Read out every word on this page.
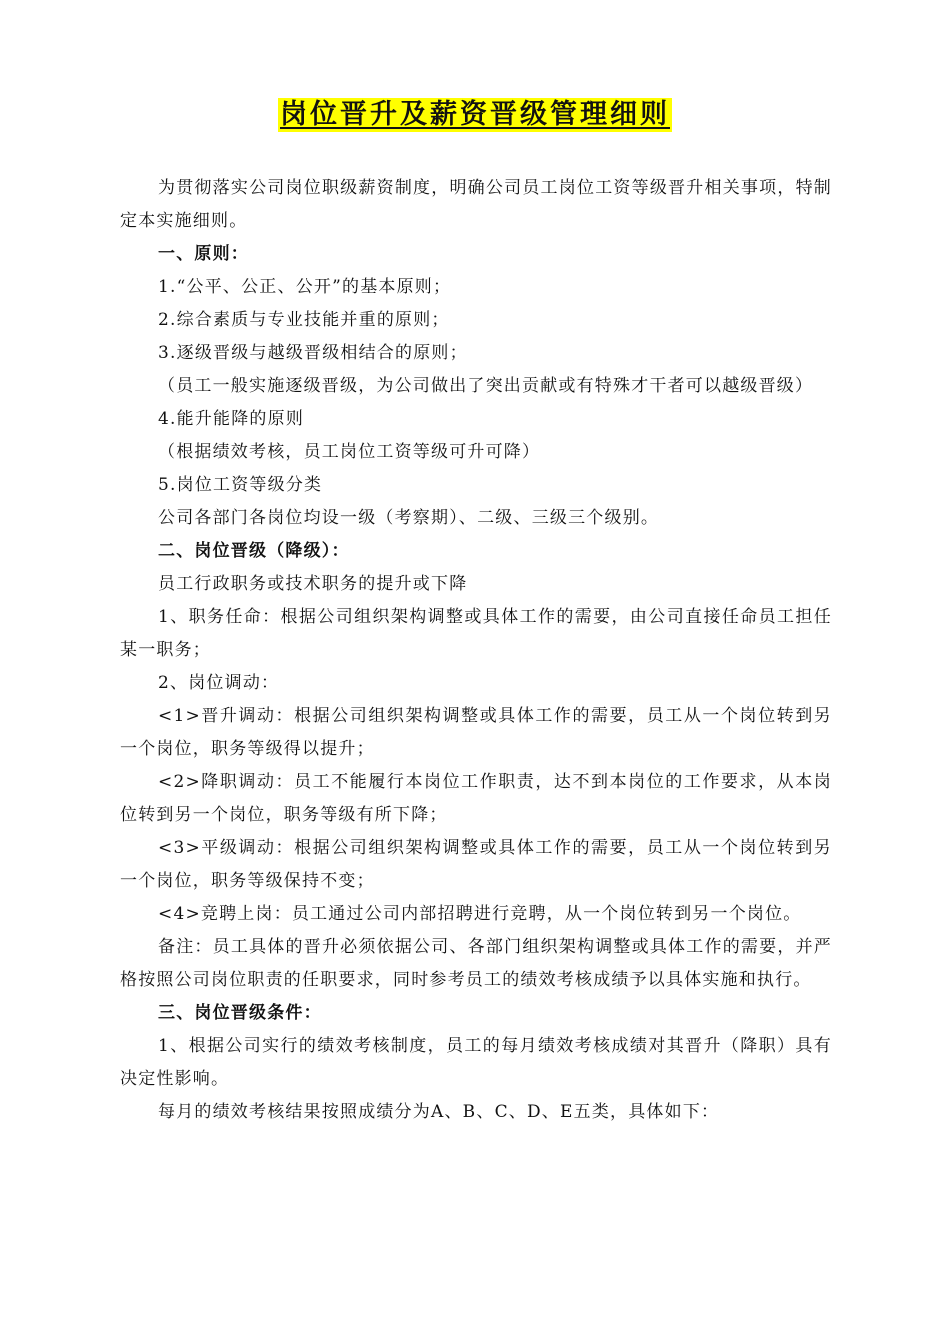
岗位晋升及薪资晋级管理细则

为贯彻落实公司岗位职级薪资制度，明确公司员工岗位工资等级晋升相关事项，特制定本实施细则。

一、原则：

1.“公平、公正、公开”的基本原则；

2.综合素质与专业技能并重的原则；

3.逐级晋级与越级晋级相结合的原则；

（员工一般实施逐级晋级，为公司做出了突出贡献或有特殊才干者可以越级晋级）

4.能升能降的原则

（根据绩效考核，员工岗位工资等级可升可降）

5.岗位工资等级分类

公司各部门各岗位均设一级（考察期）、二级、三级三个级别。

二、岗位晋级（降级）：

员工行政职务或技术职务的提升或下降

1、职务任命：根据公司组织架构调整或具体工作的需要，由公司直接任命员工担任某一职务；

2、岗位调动：

<1>晋升调动：根据公司组织架构调整或具体工作的需要，员工从一个岗位转到另一个岗位，职务等级得以提升；

<2>降职调动：员工不能履行本岗位工作职责，达不到本岗位的工作要求，从本岗位转到另一个岗位，职务等级有所下降；

<3>平级调动：根据公司组织架构调整或具体工作的需要，员工从一个岗位转到另一个岗位，职务等级保持不变；

<4>竞聘上岗：员工通过公司内部招聘进行竞聘，从一个岗位转到另一个岗位。

备注：员工具体的晋升必须依据公司、各部门组织架构调整或具体工作的需要，并严格按照公司岗位职责的任职要求，同时参考员工的绩效考核成绩予以具体实施和执行。

三、岗位晋级条件：

1、根据公司实行的绩效考核制度，员工的每月绩效考核成绩对其晋升（降职）具有决定性影响。

每月的绩效考核结果按照成绩分为A、B、C、D、E五类，具体如下：
